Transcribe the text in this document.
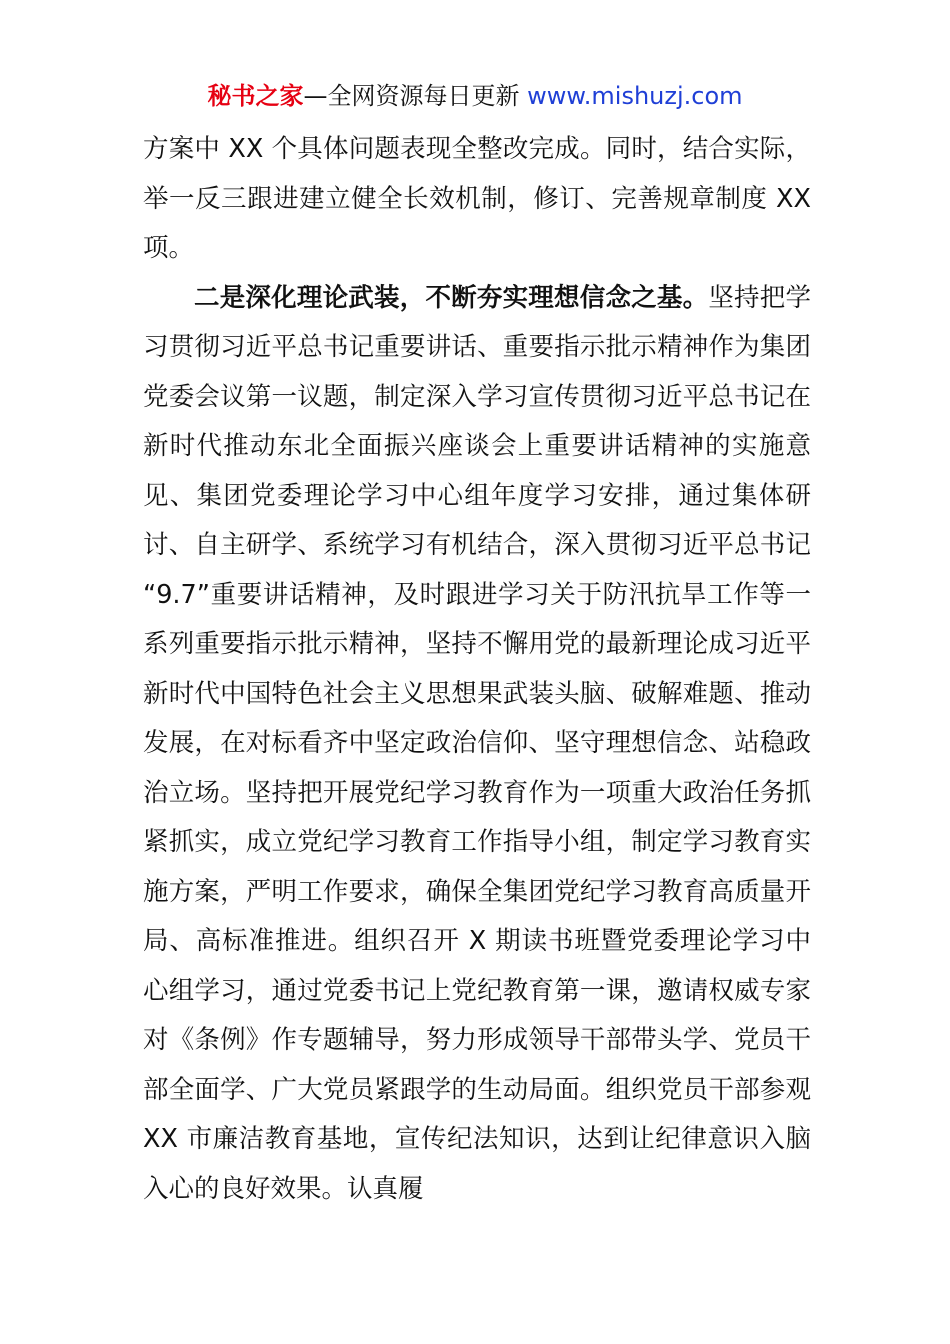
秘书之家—全网资源每日更新 www.mishuzj.com

方案中 XX 个具体问题表现全整改完成。同时，结合实际，举一反三跟进建立健全长效机制，修订、完善规章制度 XX 项。

二是深化理论武装，不断夯实理想信念之基。坚持把学习贯彻习近平总书记重要讲话、重要指示批示精神作为集团党委会议第一议题，制定深入学习宣传贯彻习近平总书记在新时代推动东北全面振兴座谈会上重要讲话精神的实施意见、集团党委理论学习中心组年度学习安排，通过集体研讨、自主研学、系统学习有机结合，深入贯彻习近平总书记 “9.7”重要讲话精神，及时跟进学习关于防汛抗旱工作等一系列重要指示批示精神，坚持不懈用党的最新理论成习近平新时代中国特色社会主义思想果武装头脑、破解难题、推动发展，在对标看齐中坚定政治信仰、坚守理想信念、站稳政治立场。坚持把开展党纪学习教育作为一项重大政治任务抓紧抓实，成立党纪学习教育工作指导小组，制定学习教育实施方案，严明工作要求，确保全集团党纪学习教育高质量开局、高标准推进。组织召开 X 期读书班暨党委理论学习中心组学习，通过党委书记上党纪教育第一课，邀请权威专家对《条例》作专题辅导，努力形成领导干部带头学、党员干部全面学、广大党员紧跟学的生动局面。组织党员干部参观 XX 市廉洁教育基地，宣传纪法知识，达到让纪律意识入脑入心的良好效果。认真履
